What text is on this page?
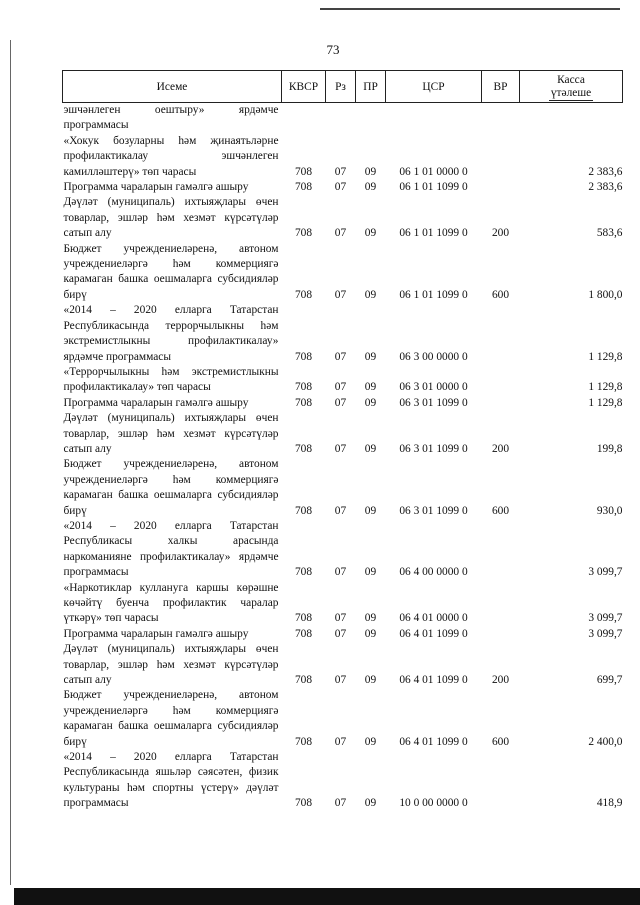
73
Исеме	КВСР	Рз	ПР	ЦСР	ВР	Касса
үтәлеше
эшчәнлеген оештыру» ярдәмче программасы						
«Хокук бозуларны һәм җинаятьләрне профилактикалау эшчәнлеген камилләштерү» төп чарасы	708	07	09	06 1 01 0000 0		2 383,6
Программа чараларын гамәлгә ашыру	708	07	09	06 1 01 1099 0		2 383,6
Дәүләт (муниципаль) ихтыяҗлары өчен товарлар, эшләр һәм хезмәт күрсәтүләр сатып алу	708	07	09	06 1 01 1099 0	200	583,6
Бюджет учреждениеләренә, автоном учреждениеләргә һәм коммерциягә карамаган башка оешмаларга субсидияләр бирү	708	07	09	06 1 01 1099 0	600	1 800,0
«2014 – 2020 елларга Татарстан Республикасында террорчылыкны һәм экстремистлыкны профилактикалау» ярдәмче программасы	708	07	09	06 3 00 0000 0		1 129,8
«Террорчылыкны һәм экстремистлыкны профилактикалау» төп чарасы	708	07	09	06 3 01 0000 0		1 129,8
Программа чараларын гамәлгә ашыру	708	07	09	06 3 01 1099 0		1 129,8
Дәүләт (муниципаль) ихтыяҗлары өчен товарлар, эшләр һәм хезмәт күрсәтүләр сатып алу	708	07	09	06 3 01 1099 0	200	199,8
Бюджет учреждениеләренә, автоном учреждениеләргә һәм коммерциягә карамаган башка оешмаларга субсидияләр бирү	708	07	09	06 3 01 1099 0	600	930,0
«2014 – 2020 елларга Татарстан Республикасы халкы арасында наркоманияне профилактикалау» ярдәмче программасы	708	07	09	06 4 00 0000 0		3 099,7
«Наркотиклар куллануга каршы көрәшне көчәйтү буенча профилактик чаралар үткәрү» төп чарасы	708	07	09	06 4 01 0000 0		3 099,7
Программа чараларын гамәлгә ашыру	708	07	09	06 4 01 1099 0		3 099,7
Дәүләт (муниципаль) ихтыяҗлары өчен товарлар, эшләр һәм хезмәт күрсәтүләр сатып алу	708	07	09	06 4 01 1099 0	200	699,7
Бюджет учреждениеләренә, автоном учреждениеләргә һәм коммерциягә карамаган башка оешмаларга субсидияләр бирү	708	07	09	06 4 01 1099 0	600	2 400,0
«2014 – 2020 елларга Татарстан Республикасында яшьләр сәясәтен, физик культураны һәм спортны үстерү» дәүләт программасы	708	07	09	10 0 00 0000 0		418,9
